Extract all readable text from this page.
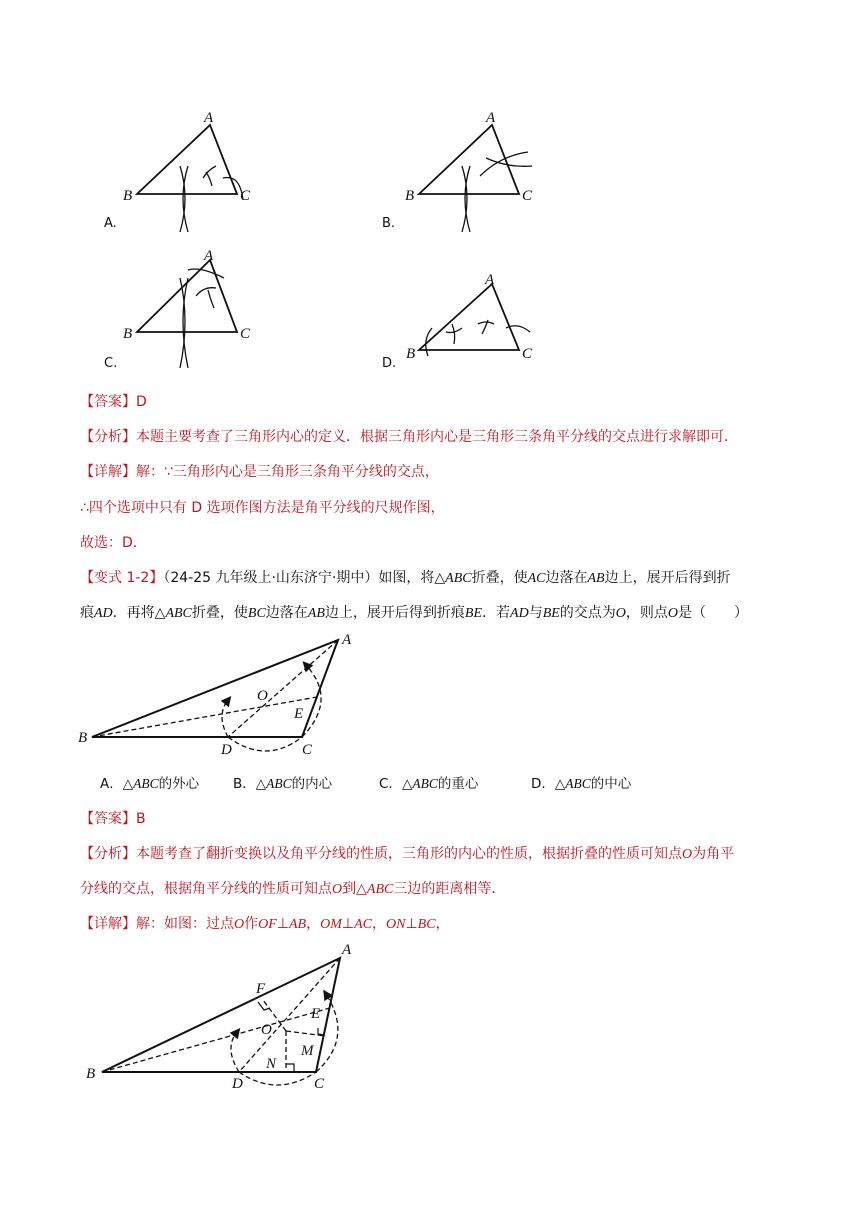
A
B	C
A.
A
B	C
B.
A
B	C
C.
A
B	C
D.
【答案】D
【分析】本题主要考查了三角形内心的定义．根据三角形内心是三角形三条角平分线的交点进行求解即可．
【详解】解：∵三角形内心是三角形三条角平分线的交点，
∴四个选项中只有 D 选项作图方法是角平分线的尺规作图，
故选：D．
【变式 1-2】（24-25 九年级上·山东济宁·期中）如图，将△ABC折叠，使AC边落在AB边上，展开后得到折
痕AD．再将△ABC折叠，使BC边落在AB边上，展开后得到折痕BE．若AD与BE的交点为O，则点O是（　　）
A
B
C
D
E
O
A．△ABC的外心	B．△ABC的内心	C．△ABC的重心	D．△ABC的中心
【答案】B
【分析】本题考查了翻折变换以及角平分线的性质，三角形的内心的性质，根据折叠的性质可知点O为角平
分线的交点，根据角平分线的性质可知点O到△ABC三边的距离相等．
【详解】解：如图：过点O作OF⊥AB，OM⊥AC，ON⊥BC，
A
B
C
D
E
F
M
N
O
